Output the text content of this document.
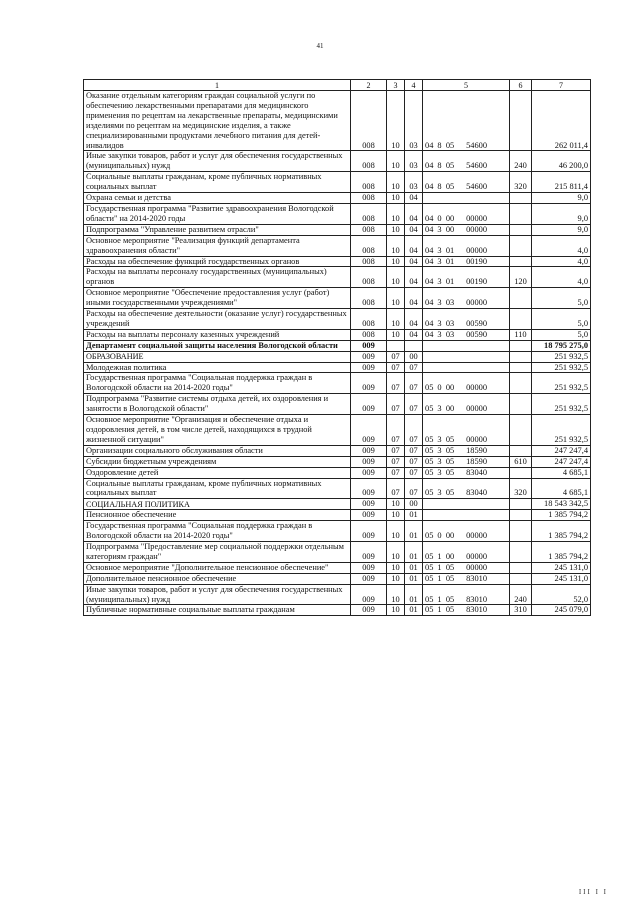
41
1	2	3	4	5	6	7
Оказание отдельным категориям граждан социальной услуги по обеспечению лекарственными препаратами для медицинского применения по рецептам на лекарственные препараты, медицинскими изделиями по рецептам на медицинские изделия, а также специализированными продуктами лечебного питания для детей-инвалидов	008	10	03	04 8 05 54600		262 011,4
Иные закупки товаров, работ и услуг для обеспечения государственных (муниципальных) нужд	008	10	03	04 8 05 54600	240	46 200,0
Социальные выплаты гражданам, кроме публичных нормативных социальных выплат	008	10	03	04 8 05 54600	320	215 811,4
Охрана семьи и детства	008	10	04			9,0
Государственная программа "Развитие здравоохранения Вологодской области" на 2014-2020 годы	008	10	04	04 0 00 00000		9,0
Подпрограмма "Управление развитием отрасли"	008	10	04	04 3 00 00000		9,0
Основное мероприятие "Реализация функций департамента здравоохранения области"	008	10	04	04 3 01 00000		4,0
Расходы на обеспечение функций государственных органов	008	10	04	04 3 01 00190		4,0
Расходы на выплаты персоналу государственных (муниципальных) органов	008	10	04	04 3 01 00190	120	4,0
Основное мероприятие "Обеспечение предоставления услуг (работ) иными государственными учреждениями"	008	10	04	04 3 03 00000		5,0
Расходы на обеспечение деятельности (оказание услуг) государственных учреждений	008	10	04	04 3 03 00590		5,0
Расходы на выплаты персоналу казенных учреждений	008	10	04	04 3 03 00590	110	5,0
Департамент социальной защиты населения Вологодской области	009					18 795 275,0
ОБРАЗОВАНИЕ	009	07	00			251 932,5
Молодежная политика	009	07	07			251 932,5
Государственная программа "Социальная поддержка граждан в Вологодской области на 2014-2020 годы"	009	07	07	05 0 00 00000		251 932,5
Подпрограмма "Развитие системы отдыха детей, их оздоровления и занятости в Вологодской области"	009	07	07	05 3 00 00000		251 932,5
Основное мероприятие "Организация и обеспечение отдыха и оздоровления детей, в том числе детей, находящихся в трудной жизненной ситуации"	009	07	07	05 3 05 00000		251 932,5
Организации социального обслуживания области	009	07	07	05 3 05 18590		247 247,4
Субсидии бюджетным учреждениям	009	07	07	05 3 05 18590	610	247 247,4
Оздоровление детей	009	07	07	05 3 05 83040		4 685,1
Социальные выплаты гражданам, кроме публичных нормативных социальных выплат	009	07	07	05 3 05 83040	320	4 685,1
СОЦИАЛЬНАЯ ПОЛИТИКА	009	10	00			18 543 342,5
Пенсионное обеспечение	009	10	01			1 385 794,2
Государственная программа "Социальная поддержка граждан в Вологодской области на 2014-2020 годы"	009	10	01	05 0 00 00000		1 385 794,2
Подпрограмма "Предоставление мер социальной поддержки отдельным категориям граждан"	009	10	01	05 1 00 00000		1 385 794,2
Основное мероприятие "Дополнительное пенсионное обеспечение"	009	10	01	05 1 05 00000		245 131,0
Дополнительное пенсионное обеспечение	009	10	01	05 1 05 83010		245 131,0
Иные закупки товаров, работ и услуг для обеспечения государственных (муниципальных) нужд	009	10	01	05 1 05 83010	240	52,0
Публичные нормативные социальные выплаты гражданам	009	10	01	05 1 05 83010	310	245 079,0
ІІІ І І
